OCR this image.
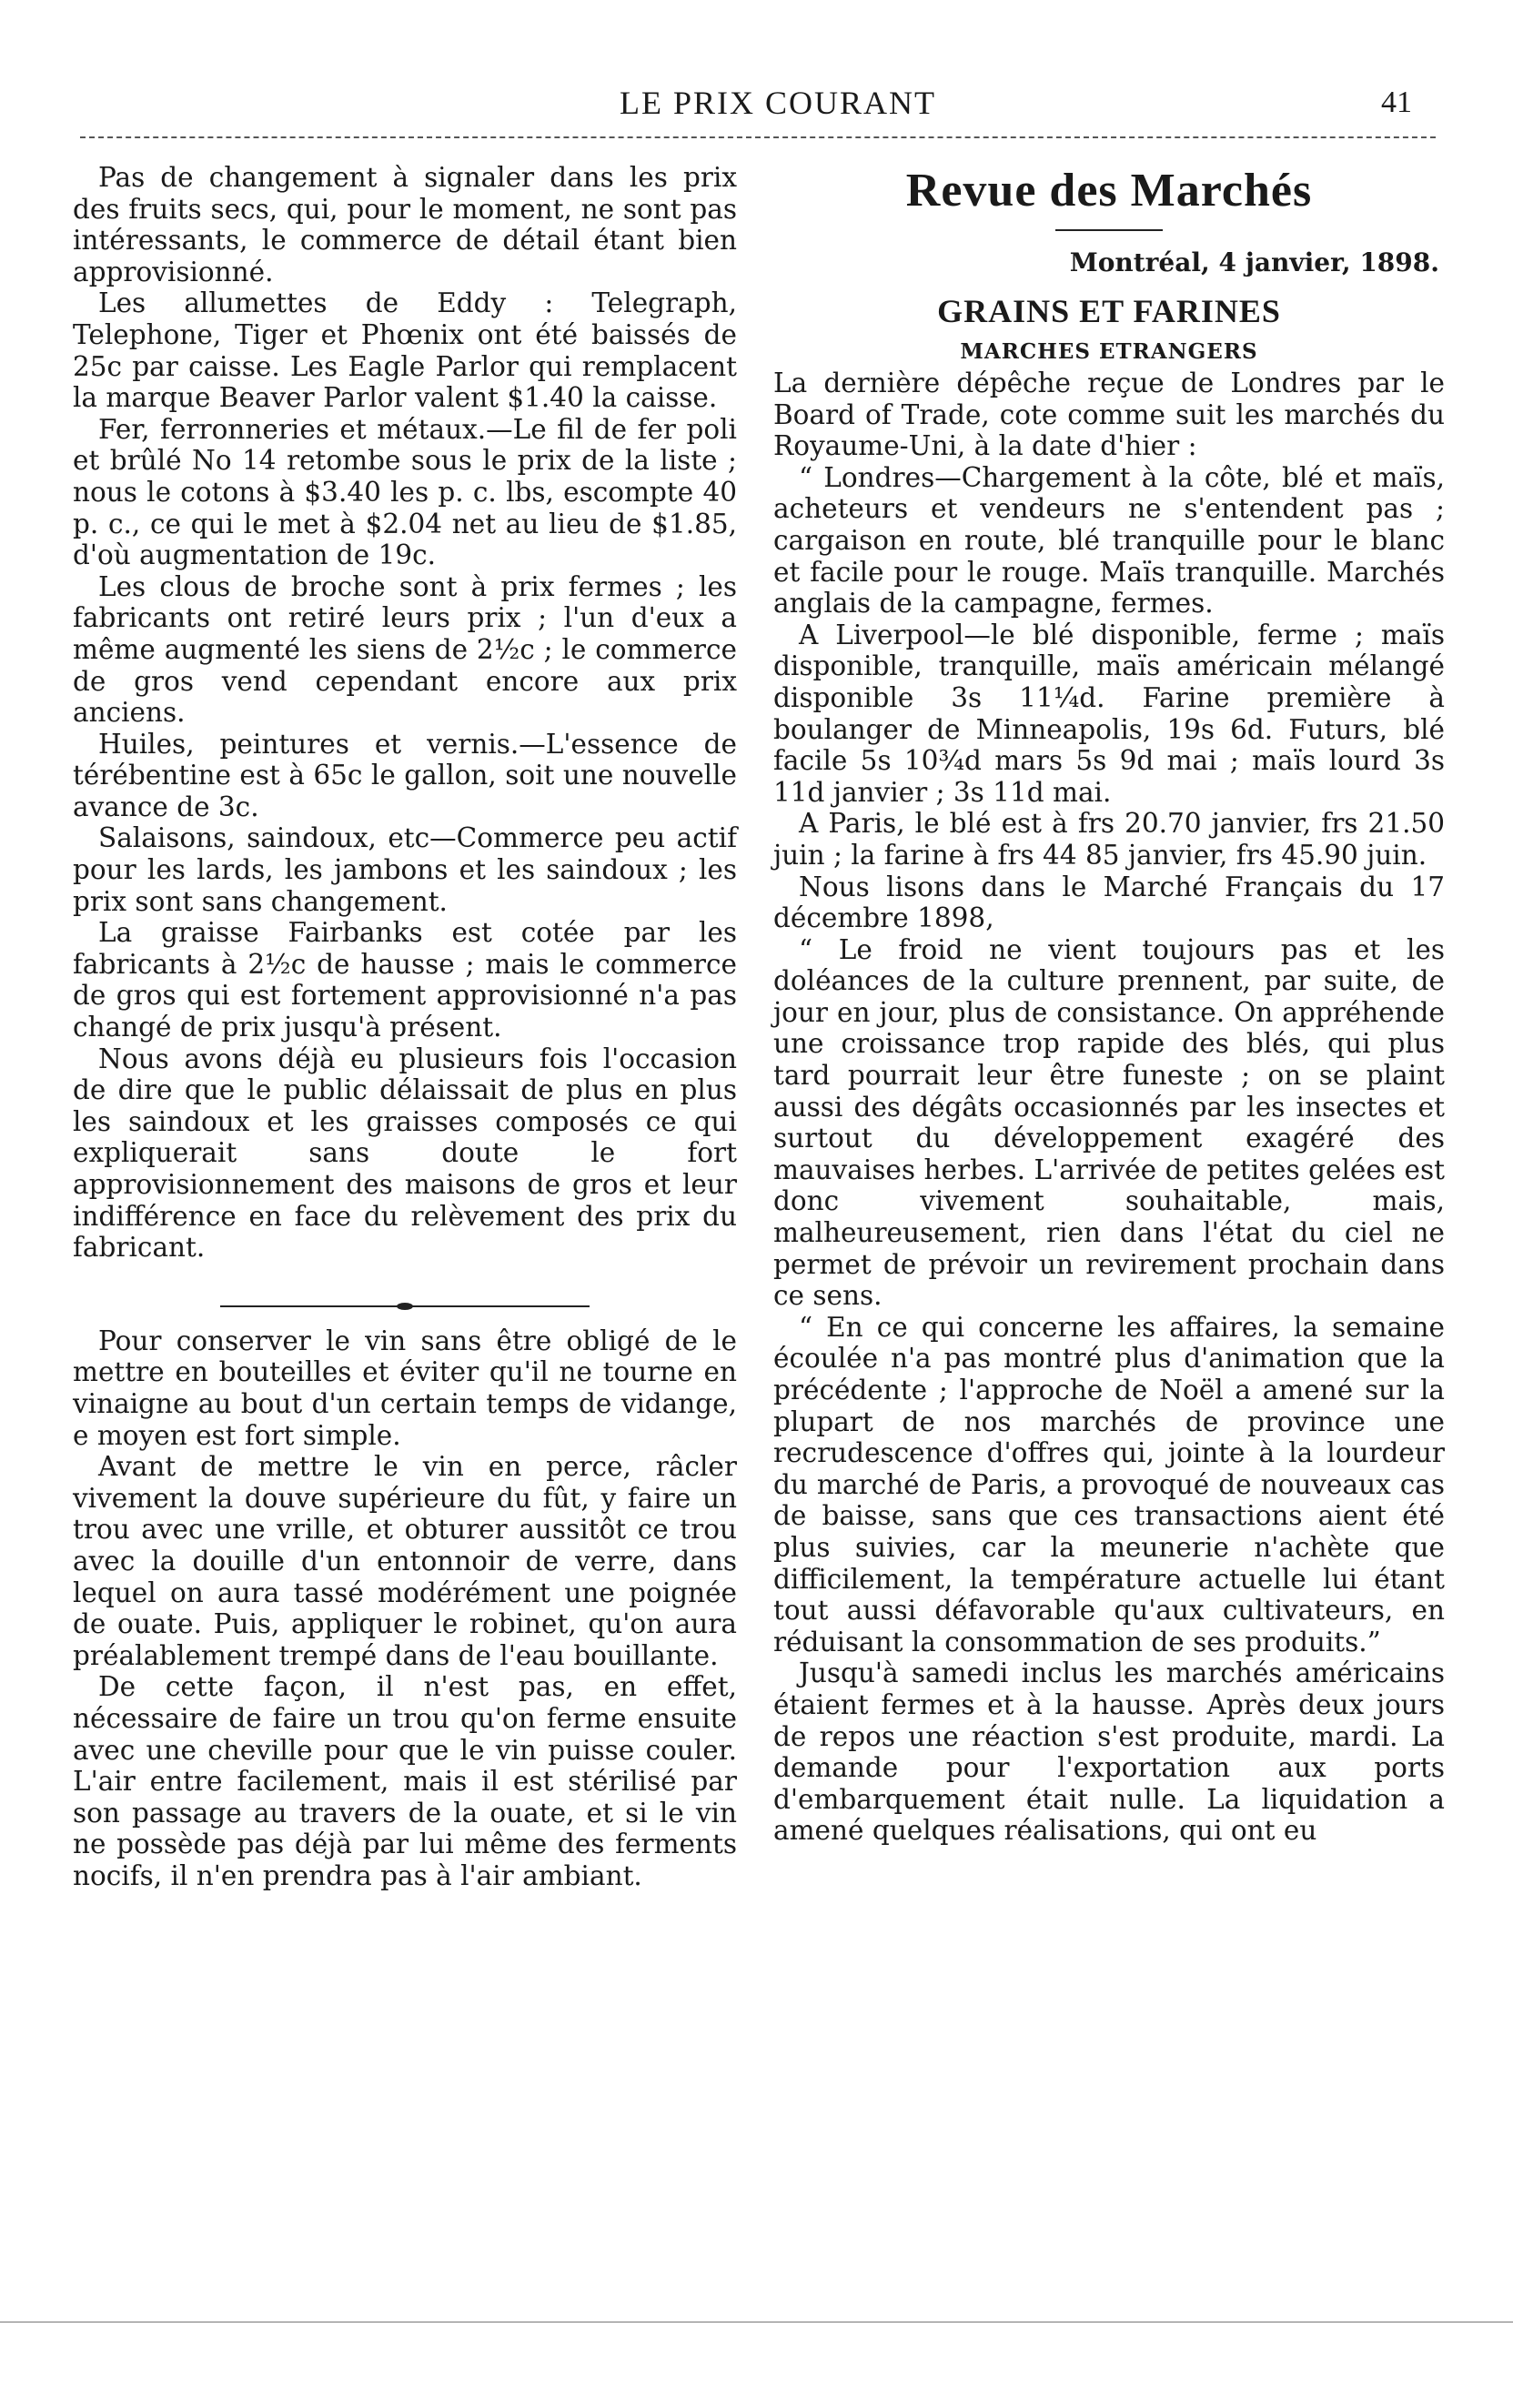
LE PRIX COURANT	41

Pas de changement à signaler dans les prix des fruits secs, qui, pour le moment, ne sont pas intéressants, le commerce de détail étant bien approvisionné.

Les allumettes de Eddy : Telegraph, Telephone, Tiger et Phœnix ont été baissés de 25c par caisse. Les Eagle Parlor qui remplacent la marque Beaver Parlor valent $1.40 la caisse.

Fer, ferronneries et métaux.—Le fil de fer poli et brûlé No 14 retombe sous le prix de la liste ; nous le cotons à $3.40 les p. c. lbs, escompte 40 p. c., ce qui le met à $2.04 net au lieu de $1.85, d'où augmentation de 19c.

Les clous de broche sont à prix fermes ; les fabricants ont retiré leurs prix ; l'un d'eux a même augmenté les siens de 2½c ; le commerce de gros vend cependant encore aux prix anciens.

Huiles, peintures et vernis.—L'essence de térébentine est à 65c le gallon, soit une nouvelle avance de 3c.

Salaisons, saindoux, etc—Commerce peu actif pour les lards, les jambons et les saindoux ; les prix sont sans changement.

La graisse Fairbanks est cotée par les fabricants à 2½c de hausse ; mais le commerce de gros qui est fortement approvisionné n'a pas changé de prix jusqu'à présent.

Nous avons déjà eu plusieurs fois l'occasion de dire que le public délaissait de plus en plus les saindoux et les graisses composés ce qui expliquerait sans doute le fort approvisionnement des maisons de gros et leur indifférence en face du relèvement des prix du fabricant.

Pour conserver le vin sans être obligé de le mettre en bouteilles et éviter qu'il ne tourne en vinaigne au bout d'un certain temps de vidange, e moyen est fort simple.

Avant de mettre le vin en perce, râcler vivement la douve supérieure du fût, y faire un trou avec une vrille, et obturer aussitôt ce trou avec la douille d'un entonnoir de verre, dans lequel on aura tassé modérément une poignée de ouate. Puis, appliquer le robinet, qu'on aura préalablement trempé dans de l'eau bouillante.

De cette façon, il n'est pas, en effet, nécessaire de faire un trou qu'on ferme ensuite avec une cheville pour que le vin puisse couler. L'air entre facilement, mais il est stérilisé par son passage au travers de la ouate, et si le vin ne possède pas déjà par lui même des ferments nocifs, il n'en prendra pas à l'air ambiant.

Revue des Marchés
Montréal, 4 janvier, 1898.
GRAINS ET FARINES
MARCHES ETRANGERS

La dernière dépêche reçue de Londres par le Board of Trade, cote comme suit les marchés du Royaume-Uni, à la date d'hier :

“ Londres—Chargement à la côte, blé et maïs, acheteurs et vendeurs ne s'entendent pas ; cargaison en route, blé tranquille pour le blanc et facile pour le rouge. Maïs tranquille. Marchés anglais de la campagne, fermes.

A Liverpool—le blé disponible, ferme ; maïs disponible, tranquille, maïs américain mélangé disponible 3s 11¼d. Farine première à boulanger de Minneapolis, 19s 6d. Futurs, blé facile 5s 10¾d mars 5s 9d mai ; maïs lourd 3s 11d janvier ; 3s 11d mai.

A Paris, le blé est à frs 20.70 janvier, frs 21.50 juin ; la farine à frs 44 85 janvier, frs 45.90 juin.

Nous lisons dans le Marché Français du 17 décembre 1898,

“ Le froid ne vient toujours pas et les doléances de la culture prennent, par suite, de jour en jour, plus de consistance. On appréhende une croissance trop rapide des blés, qui plus tard pourrait leur être funeste ; on se plaint aussi des dégâts occasionnés par les insectes et surtout du développement exagéré des mauvaises herbes. L'arrivée de petites gelées est donc vivement souhaitable, mais, malheureusement, rien dans l'état du ciel ne permet de prévoir un revirement prochain dans ce sens.

“ En ce qui concerne les affaires, la semaine écoulée n'a pas montré plus d'animation que la précédente ; l'approche de Noël a amené sur la plupart de nos marchés de province une recrudescence d'offres qui, jointe à la lourdeur du marché de Paris, a provoqué de nouveaux cas de baisse, sans que ces transactions aient été plus suivies, car la meunerie n'achète que difficilement, la température actuelle lui étant tout aussi défavorable qu'aux cultivateurs, en réduisant la consommation de ses produits.”

Jusqu'à samedi inclus les marchés américains étaient fermes et à la hausse. Après deux jours de repos une réaction s'est produite, mardi. La demande pour l'exportation aux ports d'embarquement était nulle. La liquidation a amené quelques réalisations, qui ont eu
